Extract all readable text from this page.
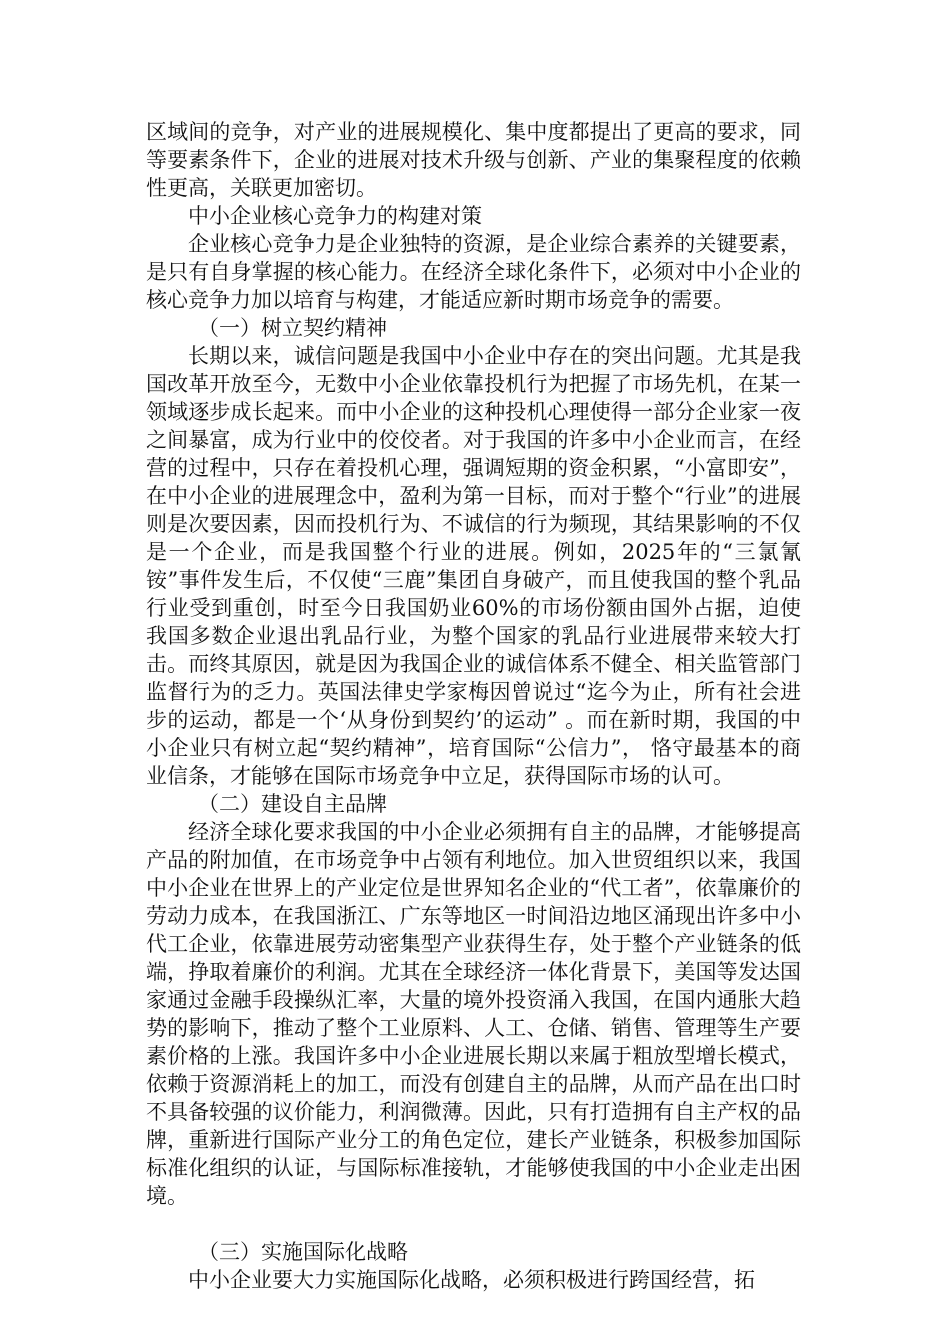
区域间的竞争，对产业的进展规模化、集中度都提出了更高的要求，同等要素条件下，企业的进展对技术升级与创新、产业的集聚程度的依赖性更高，关联更加密切。

中小企业核心竞争力的构建对策

企业核心竞争力是企业独特的资源，是企业综合素养的关键要素，是只有自身掌握的核心能力。在经济全球化条件下，必须对中小企业的核心竞争力加以培育与构建，才能适应新时期市场竞争的需要。

（一）树立契约精神

长期以来，诚信问题是我国中小企业中存在的突出问题。尤其是我国改革开放至今，无数中小企业依靠投机行为把握了市场先机，在某一领域逐步成长起来。而中小企业的这种投机心理使得一部分企业家一夜之间暴富，成为行业中的佼佼者。对于我国的许多中小企业而言，在经营的过程中，只存在着投机心理，强调短期的资金积累，“小富即安”，在中小企业的进展理念中，盈利为第一目标，而对于整个“行业”的进展则是次要因素，因而投机行为、不诚信的行为频现，其结果影响的不仅是一个企业，而是我国整个行业的进展。例如，2025年的“三氯氰铵”事件发生后，不仅使“三鹿”集团自身破产，而且使我国的整个乳品行业受到重创，时至今日我国奶业60%的市场份额由国外占据，迫使我国多数企业退出乳品行业，为整个国家的乳品行业进展带来较大打击。而终其原因，就是因为我国企业的诚信体系不健全、相关监管部门监督行为的乏力。英国法律史学家梅因曾说过“迄今为止，所有社会进步的运动，都是一个‘从身份到契约’的运动” 。而在新时期，我国的中小企业只有树立起“契约精神”，培育国际“公信力”， 恪守最基本的商业信条，才能够在国际市场竞争中立足，获得国际市场的认可。

（二）建设自主品牌

经济全球化要求我国的中小企业必须拥有自主的品牌，才能够提高产品的附加值，在市场竞争中占领有利地位。加入世贸组织以来，我国中小企业在世界上的产业定位是世界知名企业的“代工者”，依靠廉价的劳动力成本，在我国浙江、广东等地区一时间沿边地区涌现出许多中小代工企业，依靠进展劳动密集型产业获得生存，处于整个产业链条的低端，挣取着廉价的利润。尤其在全球经济一体化背景下，美国等发达国家通过金融手段操纵汇率，大量的境外投资涌入我国，在国内通胀大趋势的影响下，推动了整个工业原料、人工、仓储、销售、管理等生产要素价格的上涨。我国许多中小企业进展长期以来属于粗放型增长模式，依赖于资源消耗上的加工，而没有创建自主的品牌，从而产品在出口时不具备较强的议价能力，利润微薄。因此，只有打造拥有自主产权的品牌，重新进行国际产业分工的角色定位，建长产业链条，积极参加国际标准化组织的认证，与国际标准接轨，才能够使我国的中小企业走出困境。

（三）实施国际化战略

中小企业要大力实施国际化战略，必须积极进行跨国经营，拓
